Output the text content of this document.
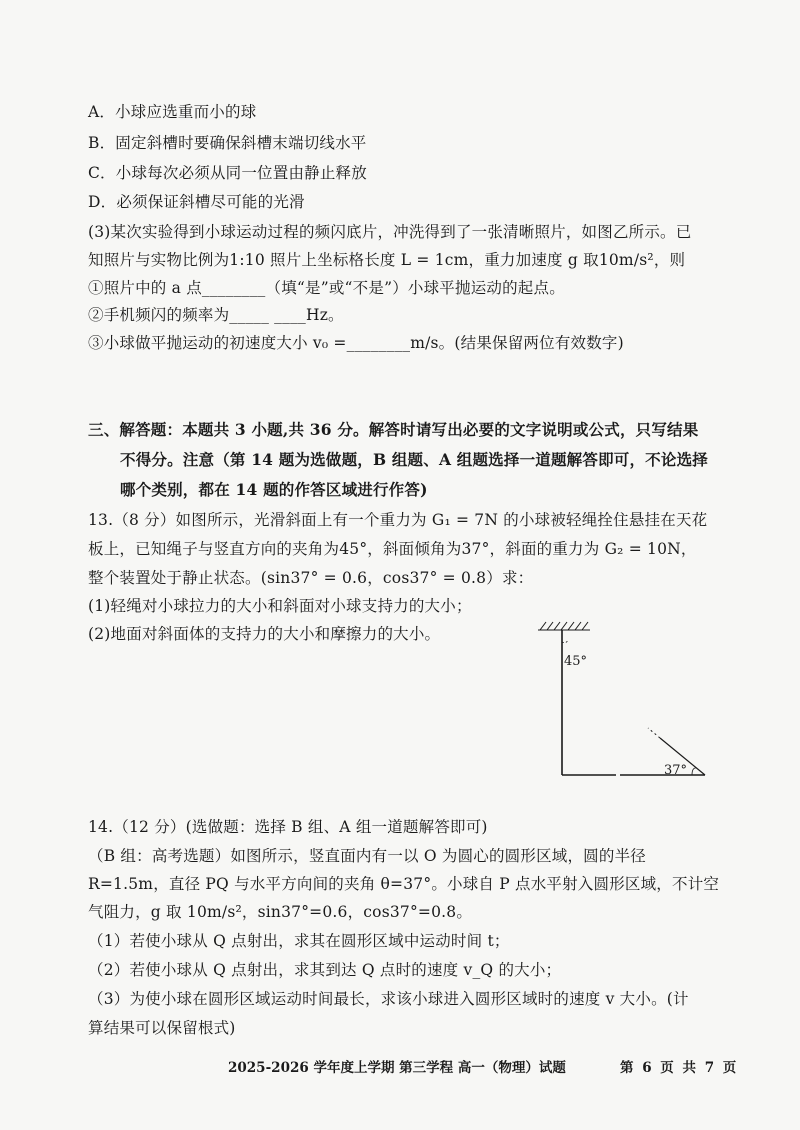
A．小球应选重而小的球
B．固定斜槽时要确保斜槽末端切线水平
C．小球每次必须从同一位置由静止释放
D．必须保证斜槽尽可能的光滑
(3)某次实验得到小球运动过程的频闪底片，冲洗得到了一张清晰照片，如图乙所示。已
知照片与实物比例为1:10 照片上坐标格长度 L = 1cm，重力加速度 g 取10m/s²，则
①照片中的 a 点________（填“是”或“不是”）小球平抛运动的起点。
②手机频闪的频率为_____ ____Hz。
③小球做平抛运动的初速度大小 v₀ =________m/s。(结果保留两位有效数字)
三、解答题：本题共 3 小题,共 36 分。解答时请写出必要的文字说明或公式，只写结果
不得分。注意（第 14 题为选做题，B 组题、A 组题选择一道题解答即可，不论选择
哪个类别，都在 14 题的作答区域进行作答)
13.（8 分）如图所示，光滑斜面上有一个重力为 G₁ = 7N 的小球被轻绳拴住悬挂在天花
板上，已知绳子与竖直方向的夹角为45°，斜面倾角为37°，斜面的重力为 G₂ = 10N，
整个装置处于静止状态。(sin37° = 0.6，cos37° = 0.8）求：
(1)轻绳对小球拉力的大小和斜面对小球支持力的大小；
(2)地面对斜面体的支持力的大小和摩擦力的大小。
45°
37°
14.（12 分）(选做题：选择 B 组、A 组一道题解答即可)
（B 组：高考选题）如图所示，竖直面内有一以 O 为圆心的圆形区域，圆的半径
R=1.5m，直径 PQ 与水平方向间的夹角 θ=37°。小球自 P 点水平射入圆形区域，不计空
气阻力，g 取 10m/s²，sin37°=0.6，cos37°=0.8。
（1）若使小球从 Q 点射出，求其在圆形区域中运动时间 t；
（2）若使小球从 Q 点射出，求其到达 Q 点时的速度 v_Q 的大小；
（3）为使小球在圆形区域运动时间最长，求该小球进入圆形区域时的速度 v 大小。(计
算结果可以保留根式)
2025-2026 学年度上学期 第三学程 高一（物理）试题	第 6 页 共 7 页
